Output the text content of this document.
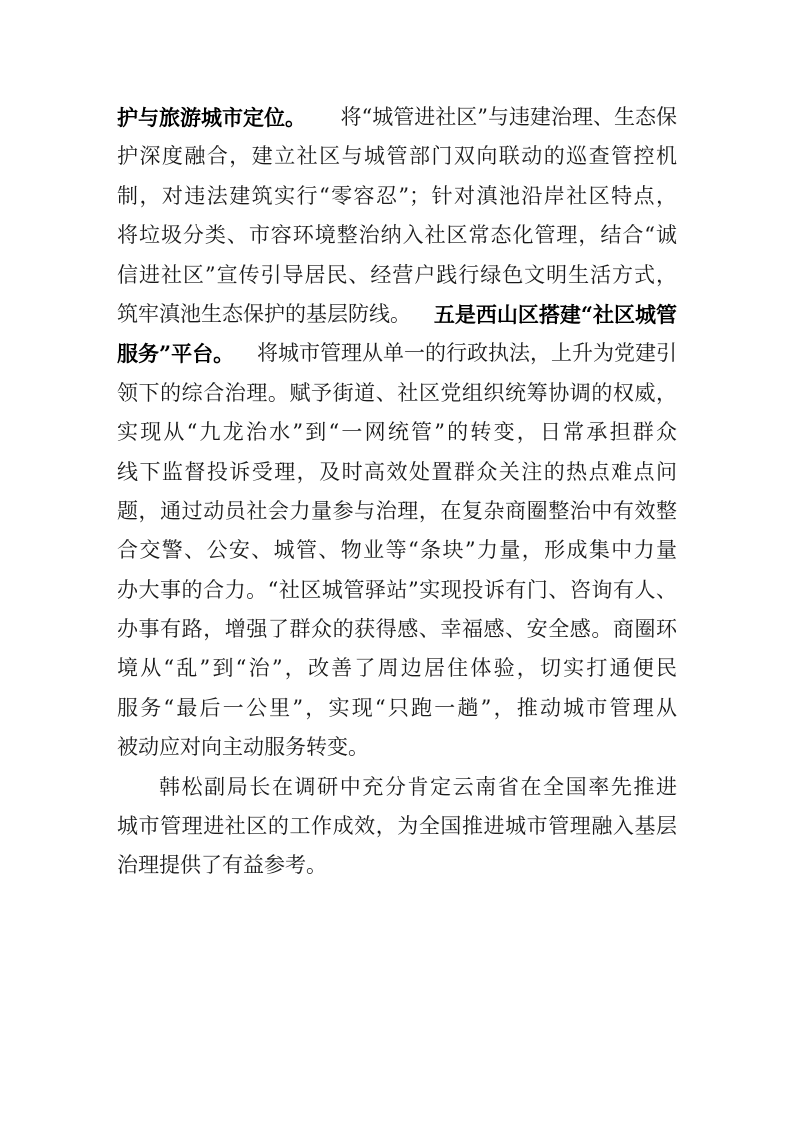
护与旅游城市定位。 将“城管进社区”与违建治理、生态保
护深度融合，建立社区与城管部门双向联动的巡查管控机
制，对违法建筑实行“零容忍”；针对滇池沿岸社区特点，
将垃圾分类、市容环境整治纳入社区常态化管理，结合“诚
信进社区”宣传引导居民、经营户践行绿色文明生活方式，
筑牢滇池生态保护的基层防线。 五是西山区搭建“社区城管
服务”平台。 将城市管理从单一的行政执法，上升为党建引
领下的综合治理。赋予街道、社区党组织统筹协调的权威，
实现从“九龙治水”到“一网统管”的转变，日常承担群众
线下监督投诉受理，及时高效处置群众关注的热点难点问
题，通过动员社会力量参与治理，在复杂商圈整治中有效整
合交警、公安、城管、物业等“条块”力量，形成集中力量
办大事的合力。“社区城管驿站”实现投诉有门、咨询有人、
办事有路，增强了群众的获得感、幸福感、安全感。商圈环
境从“乱”到“治”，改善了周边居住体验，切实打通便民
服务“最后一公里”，实现“只跑一趟”，推动城市管理从
被动应对向主动服务转变。
韩松副局长在调研中充分肯定云南省在全国率先推进
城市管理进社区的工作成效，为全国推进城市管理融入基层
治理提供了有益参考。
